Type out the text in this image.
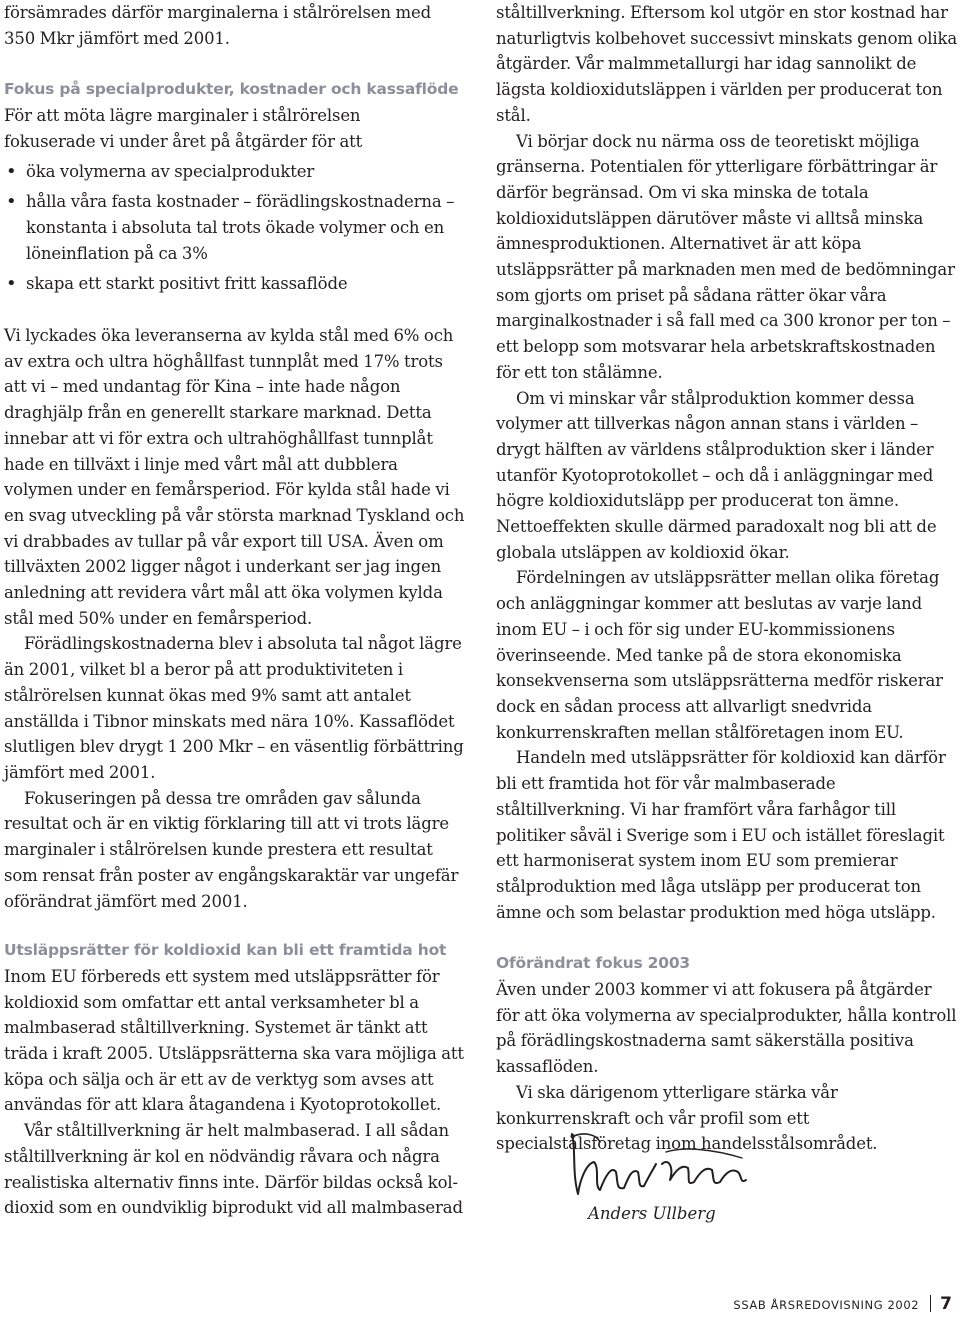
försämrades därför marginalerna i stålrörelsen med
350 Mkr jämfört med 2001.

Fokus på specialprodukter, kostnader och kassaflöde

För att möta lägre marginaler i stålrörelsen fokuserade vi under året på åtgärder för att

• öka volymerna av specialprodukter
• hålla våra fasta kostnader – förädlingskostnaderna – konstanta i absoluta tal trots ökade volymer och en löneinflation på ca 3%
• skapa ett starkt positivt fritt kassaflöde

Vi lyckades öka leveranserna av kylda stål med 6% och av extra och ultra höghållfast tunnplåt med 17% trots att vi – med undantag för Kina – inte hade någon draghjälp från en generellt starkare marknad. Detta innebar att vi för extra och ultrahöghållfast tunnplåt hade en tillväxt i linje med vårt mål att dubblera volymen under en femårsperiod. För kylda stål hade vi en svag utveckling på vår största marknad Tyskland och vi drabbades av tullar på vår export till USA. Även om tillväxten 2002 ligger något i underkant ser jag ingen anledning att revidera vårt mål att öka volymen kylda stål med 50% under en femårsperiod.

Förädlingskostnaderna blev i absoluta tal något lägre än 2001, vilket bl a beror på att produktiviteten i stålrörelsen kunnat ökas med 9% samt att antalet anställda i Tibnor minskats med nära 10%. Kassaflödet slutligen blev drygt 1 200 Mkr – en väsentlig förbättring jämfört med 2001.

Fokuseringen på dessa tre områden gav sålunda resultat och är en viktig förklaring till att vi trots lägre marginaler i stålrörelsen kunde prestera ett resultat som rensat från poster av engångskaraktär var ungefär oförändrat jämfört med 2001.

Utsläppsrätter för koldioxid kan bli ett framtida hot

Inom EU förbereds ett system med utsläppsrätter för koldioxid som omfattar ett antal verksamheter bl a malmbaserad ståltillverkning. Systemet är tänkt att träda i kraft 2005. Utsläppsrätterna ska vara möjliga att köpa och sälja och är ett av de verktyg som avses att användas för att klara åtagandena i Kyotoprotokollet.

Vår ståltillverkning är helt malmbaserad. I all sådan
ståltillverkning är kol en nödvändig råvara och några
realistiska alternativ finns inte. Därför bildas också kol-
dioxid som en oundviklig biprodukt vid all malmbaserad

ståltillverkning. Eftersom kol utgör en stor kostnad har naturligtvis kolbehovet successivt minskats genom olika åtgärder. Vår malmmetallurgi har idag sannolikt de lägsta koldioxidutsläppen i världen per producerat ton stål.

Vi börjar dock nu närma oss de teoretiskt möjliga gränserna. Potentialen för ytterligare förbättringar är därför begränsad. Om vi ska minska de totala koldioxidutsläppen därutöver måste vi alltså minska ämnesproduktionen. Alternativet är att köpa utsläppsrätter på marknaden men med de bedömningar som gjorts om priset på sådana rätter ökar våra marginalkostnader i så fall med ca 300 kronor per ton – ett belopp som motsvarar hela arbetskraftskostnaden för ett ton stålämne.

Om vi minskar vår stålproduktion kommer dessa volymer att tillverkas någon annan stans i världen – drygt hälften av världens stålproduktion sker i länder utanför Kyotoprotokollet – och då i anläggningar med högre koldioxidutsläpp per producerat ton ämne. Nettoeffekten skulle därmed paradoxalt nog bli att de globala utsläppen av koldioxid ökar.

Fördelningen av utsläppsrätter mellan olika företag och anläggningar kommer att beslutas av varje land inom EU – i och för sig under EU-kommissionens överinseende. Med tanke på de stora ekonomiska konsekvenserna som utsläppsrätterna medför riskerar dock en sådan process att allvarligt snedvrida konkurrenskraften mellan stålföretagen inom EU.

Handeln med utsläppsrätter för koldioxid kan därför bli ett framtida hot för vår malmbaserade ståltillverkning. Vi har framfört våra farhågor till politiker såväl i Sverige som i EU och istället föreslagit ett harmoniserat system inom EU som premierar stålproduktion med låga utsläpp per producerat ton ämne och som belastar produktion med höga utsläpp.

Oförändrat fokus 2003

Även under 2003 kommer vi att fokusera på åtgärder för att öka volymerna av specialprodukter, hålla kontroll på förädlingskostnaderna samt säkerställa positiva kassaflöden.

Vi ska därigenom ytterligare stärka vår konkurrenskraft och vår profil som ett specialstålsföretag inom handelsstålsområdet.

Anders Ullberg
SSAB ÅRSREDOVISNING 2002 7
